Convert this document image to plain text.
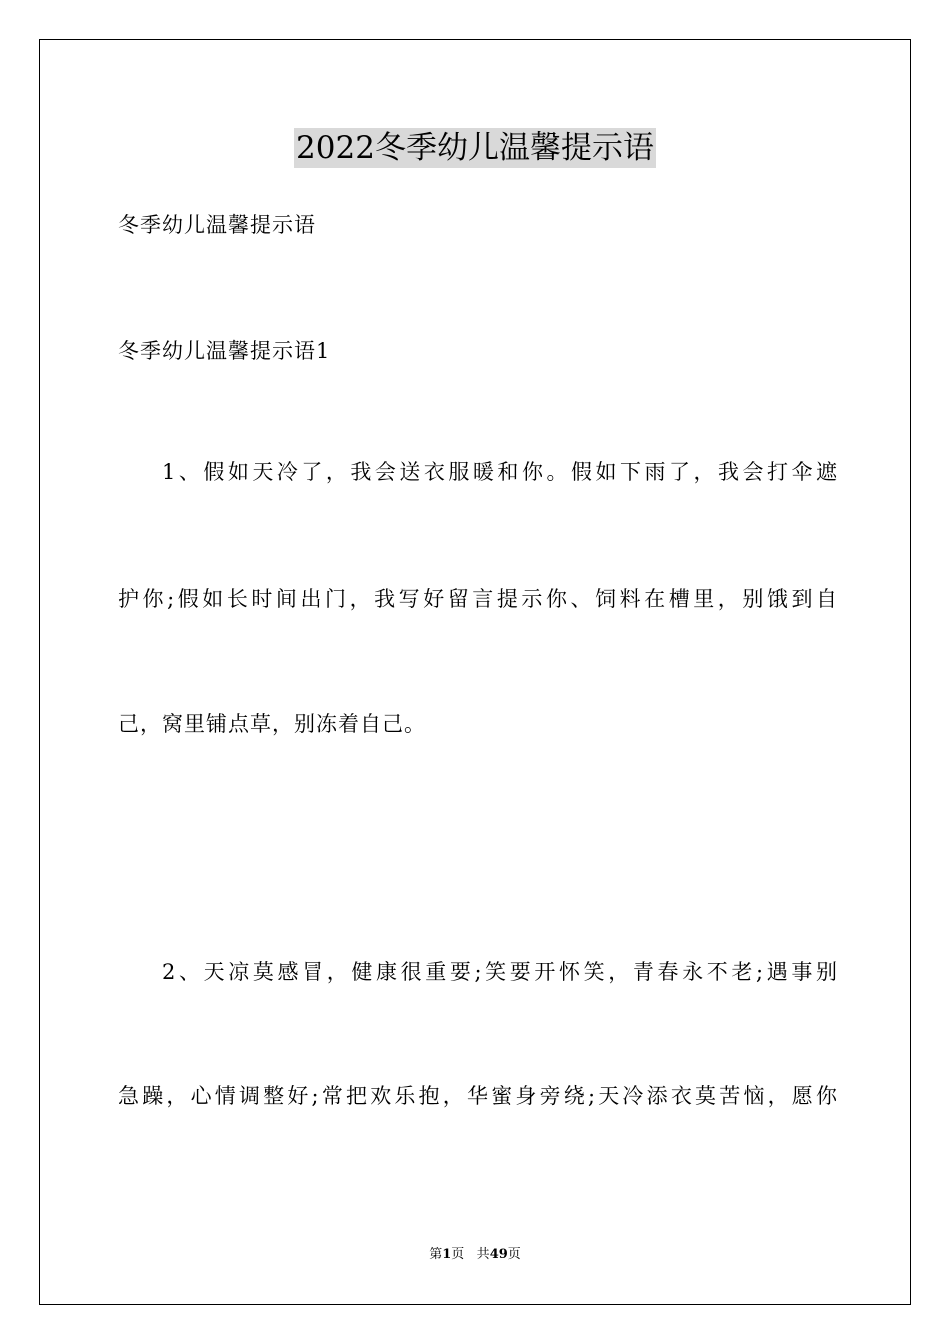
2022冬季幼儿温馨提示语
冬季幼儿温馨提示语
冬季幼儿温馨提示语1
1、假如天冷了，我会送衣服暖和你。假如下雨了，我会打伞遮
护你;假如长时间出门，我写好留言提示你、饲料在槽里，别饿到自
己，窝里铺点草，别冻着自己。
2、天凉莫感冒，健康很重要;笑要开怀笑，青春永不老;遇事别
急躁，心情调整好;常把欢乐抱，华蜜身旁绕;天冷添衣莫苦恼，愿你
第1页 共49页
